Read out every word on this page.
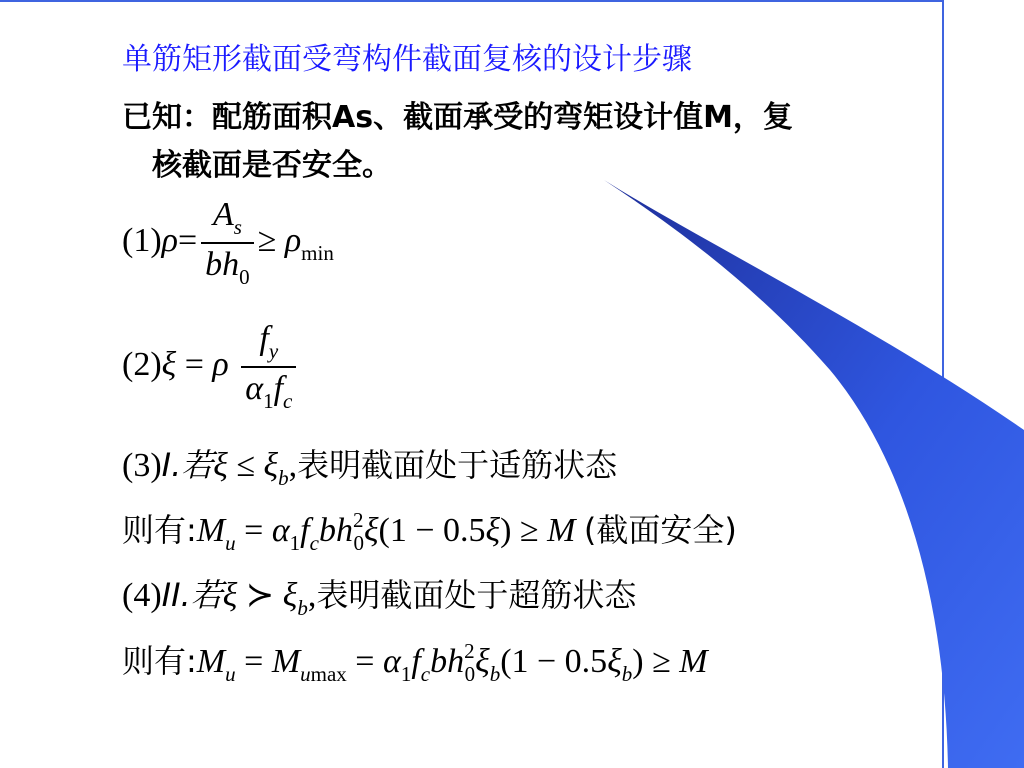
单筋矩形截面受弯构件截面复核的设计步骤
已知：配筋面积As、截面承受的弯矩设计值M，复
核截面是否安全。
$(1)\rho= \frac{A_s}{bh_0} \ge \rho_{min}$
(2)ξ = ρ $\frac{f_y}{\alpha_1f_c}$
(3)I.若$\xi \le \xi_b$,表明截面处于适筋状态
则有$:M_u = \alpha_1f_cbh^2_0\xi(1 - 0.5\xi) \ge M$ (截面安全)
(4)II.若ξ ≻ $\xi_b$,表明截面处于超筋状态
则有$:M_u = M_{umax} = \alpha_1f_cbh^2_0\xi_b(1 - 0.5\xi_b) \ge M$
